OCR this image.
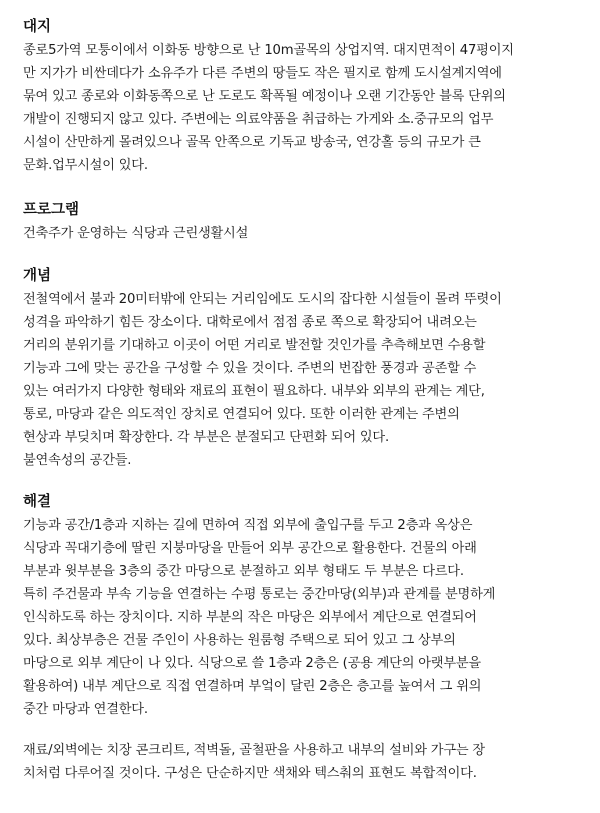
대지
종로5가역 모퉁이에서 이화동 방향으로 난 10m골목의 상업지역. 대지면적이 47평이지
만 지가가 비싼데다가 소유주가 다른 주변의 땅들도 작은 필지로 함께 도시설계지역에
묶여 있고 종로와 이화동쪽으로 난 도로도 확폭될 예정이나 오랜 기간동안 블록 단위의
개발이 진행되지 않고 있다. 주변에는 의료약품을 취급하는 가게와 소.중규모의 업무
시설이 산만하게 몰려있으나 골목 안쪽으로 기독교 방송국, 연강홀 등의 규모가 큰
문화.업무시설이 있다.
프로그램
건축주가 운영하는 식당과 근린생활시설
개념
전철역에서 불과 20미터밖에 안되는 거리임에도 도시의 잡다한 시설들이 몰려 뚜렷이
성격을 파악하기 힘든 장소이다. 대학로에서 점점 종로 쪽으로 확장되어 내려오는
거리의 분위기를 기대하고 이곳이 어떤 거리로 발전할 것인가를 추측해보면 수용할
기능과 그에 맞는 공간을 구성할 수 있을 것이다. 주변의 번잡한 풍경과 공존할 수
있는 여러가지 다양한 형태와 재료의 표현이 필요하다. 내부와 외부의 관계는 계단,
통로, 마당과 같은 의도적인 장치로 연결되어 있다. 또한 이러한 관계는 주변의
현상과 부딪치며 확장한다. 각 부분은 분절되고 단편화 되어 있다.
불연속성의 공간들.
해결
기능과 공간/1층과 지하는 길에 면하여 직접 외부에 출입구를 두고 2층과 옥상은
식당과 꼭대기층에 딸린 지붕마당을 만들어 외부 공간으로 활용한다. 건물의 아래
부분과 윗부분을 3층의 중간 마당으로 분절하고 외부 형태도 두 부분은 다르다.
특히 주건물과 부속 기능을 연결하는 수평 통로는 중간마당(외부)과 관계를 분명하게
인식하도록 하는 장치이다. 지하 부분의 작은 마당은 외부에서 계단으로 연결되어
있다. 최상부층은 건물 주인이 사용하는 원룸형 주택으로 되어 있고 그 상부의
마당으로 외부 계단이 나 있다. 식당으로 쓸 1층과 2층은 (공용 계단의 아랫부분을
활용하여) 내부 계단으로 직접 연결하며 부엌이 달린 2층은 층고를 높여서 그 위의
중간 마당과 연결한다.
재료/외벽에는 치장 콘크리트, 적벽돌, 골철판을 사용하고 내부의 설비와 가구는 장
치처럼 다루어질 것이다. 구성은 단순하지만 색채와 텍스춰의 표현도 복합적이다.
